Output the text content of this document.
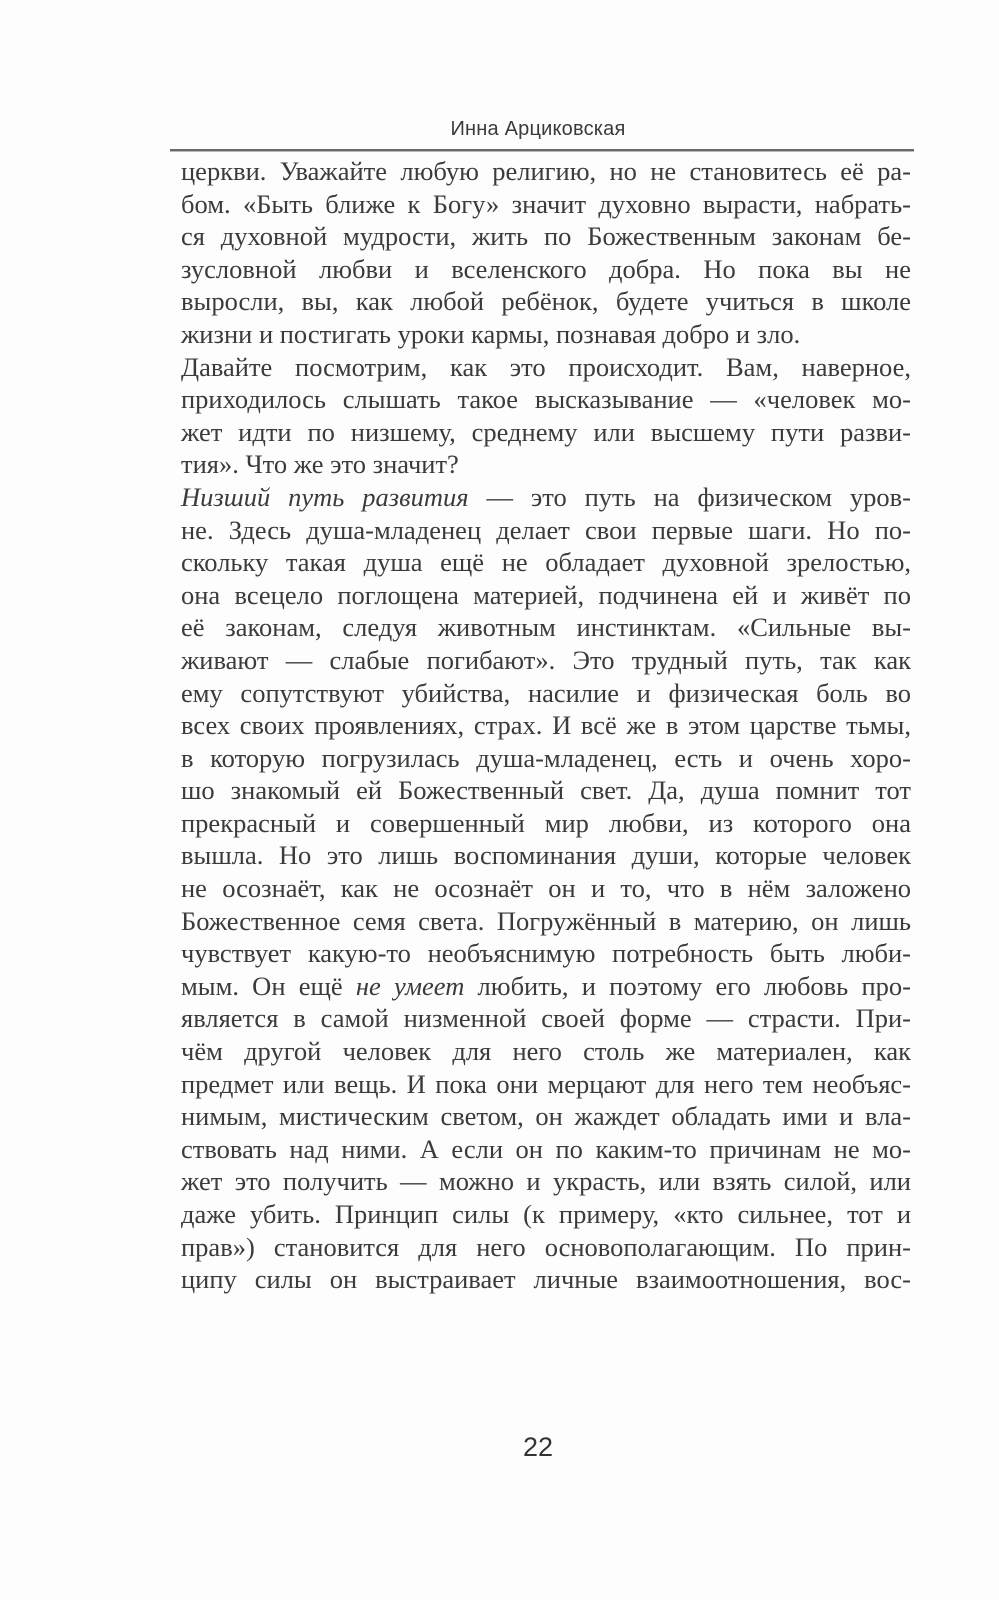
Инна Арциковская
церкви. Уважайте любую религию, но не становитесь её ра-
бом. «Быть ближе к Богу» значит духовно вырасти, набрать-
ся духовной мудрости, жить по Божественным законам бе-
зусловной любви и вселенского добра. Но пока вы не
выросли, вы, как любой ребёнок, будете учиться в школе
жизни и постигать уроки кармы, познавая добро и зло.
Давайте посмотрим, как это происходит. Вам, наверное,
приходилось слышать такое высказывание — «человек мо-
жет идти по низшему, среднему или высшему пути разви-
тия». Что же это значит?
Низший путь развития — это путь на физическом уров-
не. Здесь душа-младенец делает свои первые шаги. Но по-
скольку такая душа ещё не обладает духовной зрелостью,
она всецело поглощена материей, подчинена ей и живёт по
её законам, следуя животным инстинктам. «Сильные вы-
живают — слабые погибают». Это трудный путь, так как
ему сопутствуют убийства, насилие и физическая боль во
всех своих проявлениях, страх. И всё же в этом царстве тьмы,
в которую погрузилась душа-младенец, есть и очень хоро-
шо знакомый ей Божественный свет. Да, душа помнит тот
прекрасный и совершенный мир любви, из которого она
вышла. Но это лишь воспоминания души, которые человек
не осознаёт, как не осознаёт он и то, что в нём заложено
Божественное семя света. Погружённый в материю, он лишь
чувствует какую-то необъяснимую потребность быть люби-
мым. Он ещё не умеет любить, и поэтому его любовь про-
является в самой низменной своей форме — страсти. При-
чём другой человек для него столь же материален, как
предмет или вещь. И пока они мерцают для него тем необъяс-
нимым, мистическим светом, он жаждет обладать ими и вла-
ствовать над ними. А если он по каким-то причинам не мо-
жет это получить — можно и украсть, или взять силой, или
даже убить. Принцип силы (к примеру, «кто сильнее, тот и
прав») становится для него основополагающим. По прин-
ципу силы он выстраивает личные взаимоотношения, вос-
22
